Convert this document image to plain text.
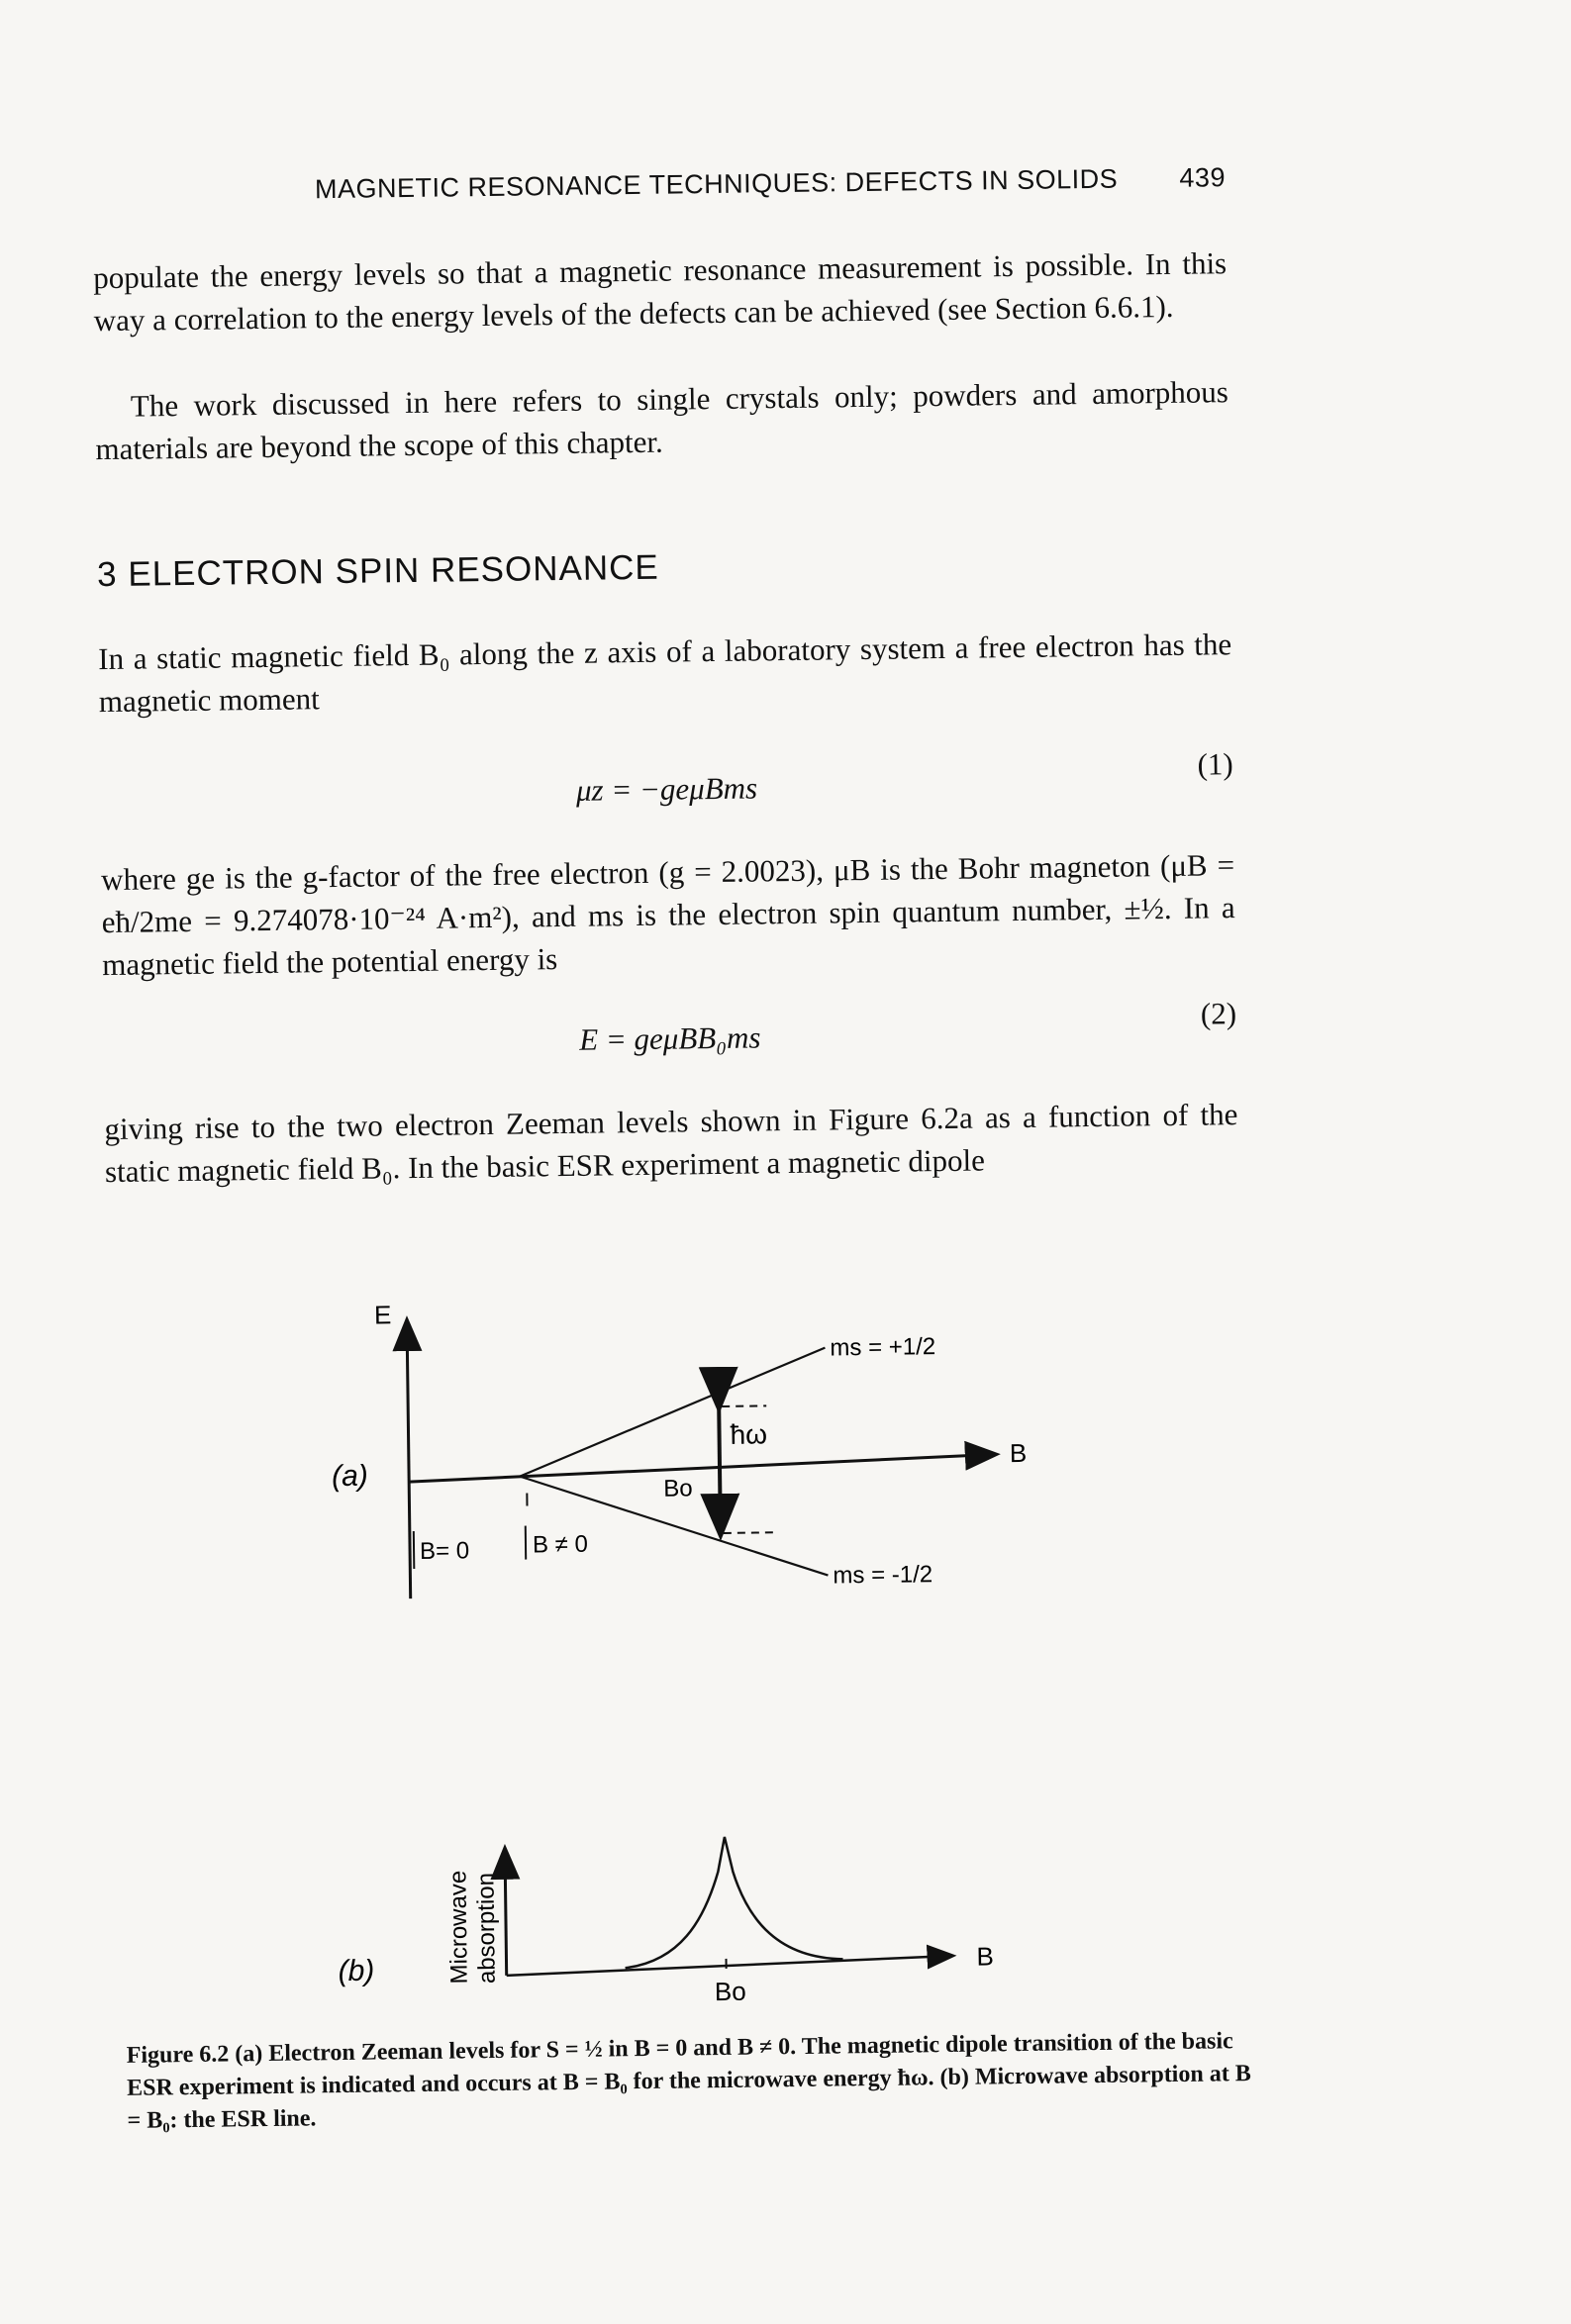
MAGNETIC RESONANCE TECHNIQUES: DEFECTS IN SOLIDS 439
populate the energy levels so that a magnetic resonance measurement is possible. In this way a correlation to the energy levels of the defects can be achieved (see Section 6.6.1).
The work discussed in here refers to single crystals only; powders and amorphous materials are beyond the scope of this chapter.
3 ELECTRON SPIN RESONANCE
In a static magnetic field B₀ along the z axis of a laboratory system a free electron has the magnetic moment
μz = −geμBms
(1)
where ge is the g-factor of the free electron (g = 2.0023), μB is the Bohr magneton (μB = eħ/2me = 9.274078·10⁻²⁴ A·m²), and ms is the electron spin quantum number, ±½. In a magnetic field the potential energy is
E = geμBB₀ms
(2)
giving rise to the two electron Zeeman levels shown in Figure 6.2a as a function of the static magnetic field B₀. In the basic ESR experiment a magnetic dipole
(a)
E
B
ms = +1/2
ms = -1/2
ħω
Bo
B= 0	B ≠ 0
(b)	Microwave absorption	B
Bo
Figure 6.2 (a) Electron Zeeman levels for S = ½ in B = 0 and B ≠ 0. The magnetic dipole transition of the basic ESR experiment is indicated and occurs at B = B₀ for the microwave energy ħω. (b) Microwave absorption at B = B₀: the ESR line.
